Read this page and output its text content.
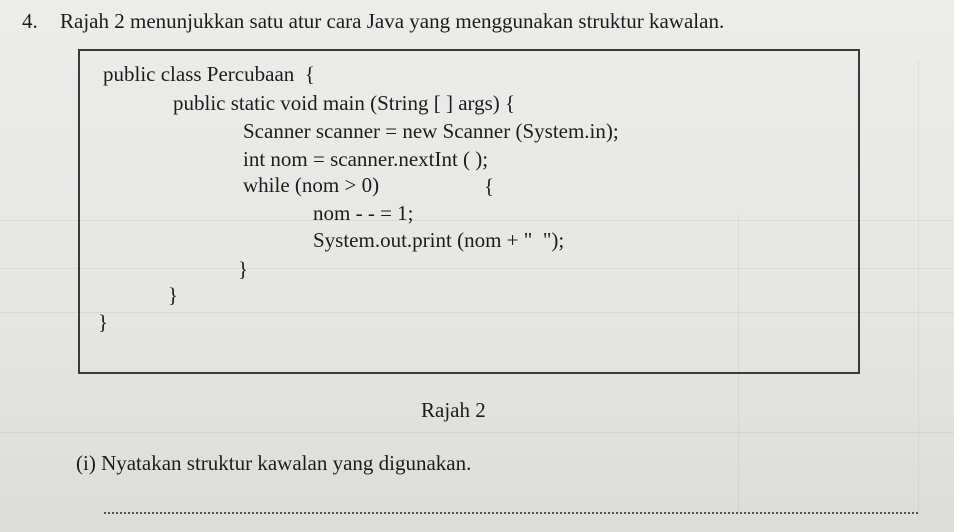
4. Rajah 2 menunjukkan satu atur cara Java yang menggunakan struktur kawalan.
public class Percubaan  {
public static void main (String [ ] args) {
Scanner scanner = new Scanner (System.in);
int nom = scanner.nextInt ( );
while (nom > 0)	{
nom - - = 1;
System.out.print (nom + "  ");
}
}
}
Rajah 2
(i) Nyatakan struktur kawalan yang digunakan.
